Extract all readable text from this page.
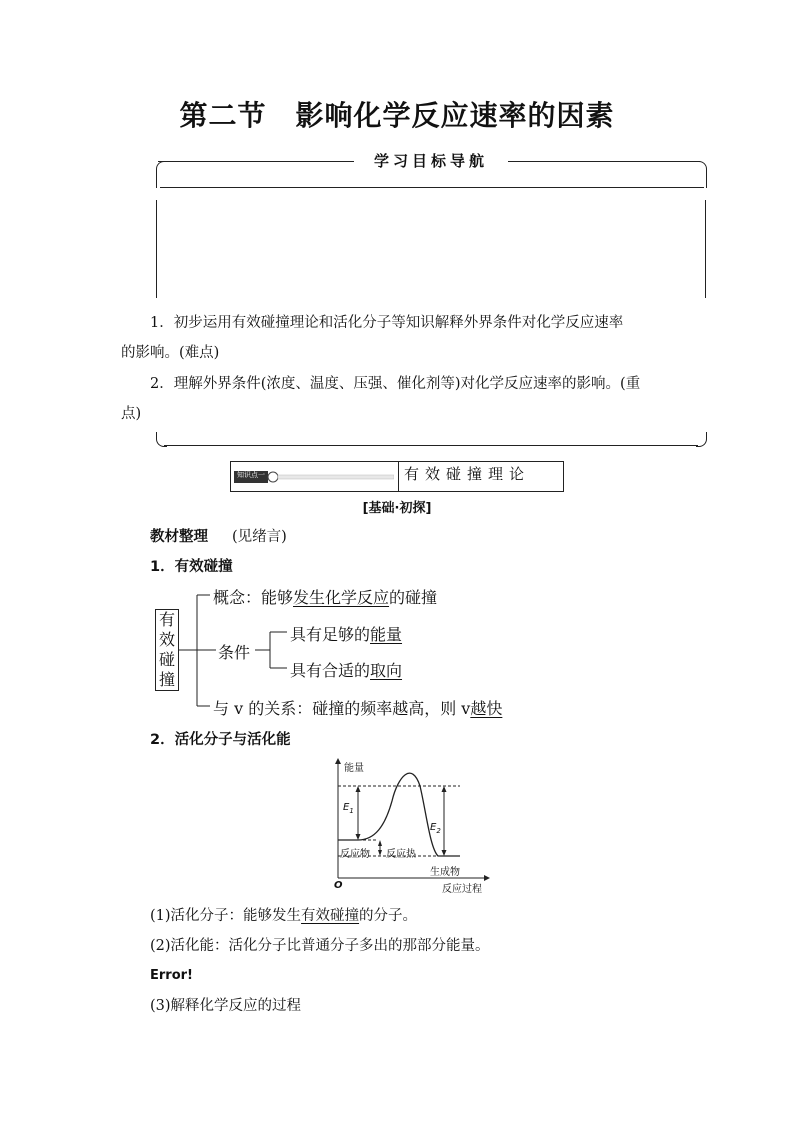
第二节　影响化学反应速率的因素
学习目标导航
1．初步运用有效碰撞理论和活化分子等知识解释外界条件对化学反应速率
的影响。(难点)
2．理解外界条件(浓度、温度、压强、催化剂等)对化学反应速率的影响。(重
点)
知识点一	有效碰撞理论
[基础·初探]
教材整理 (见绪言)
1．有效碰撞
有
效
碰
撞
概念：能够发生化学反应的碰撞
条件
具有足够的能量
具有合适的取向
与 v 的关系：碰撞的频率越高，则 v越快
2．活化分子与活化能
能量
反应过程
O
$E_1$
$E_2$
反应物 反应热
生成物
(1)活化分子：能够发生有效碰撞的分子。
(2)活化能：活化分子比普通分子多出的那部分能量。
Error!
(3)解释化学反应的过程
